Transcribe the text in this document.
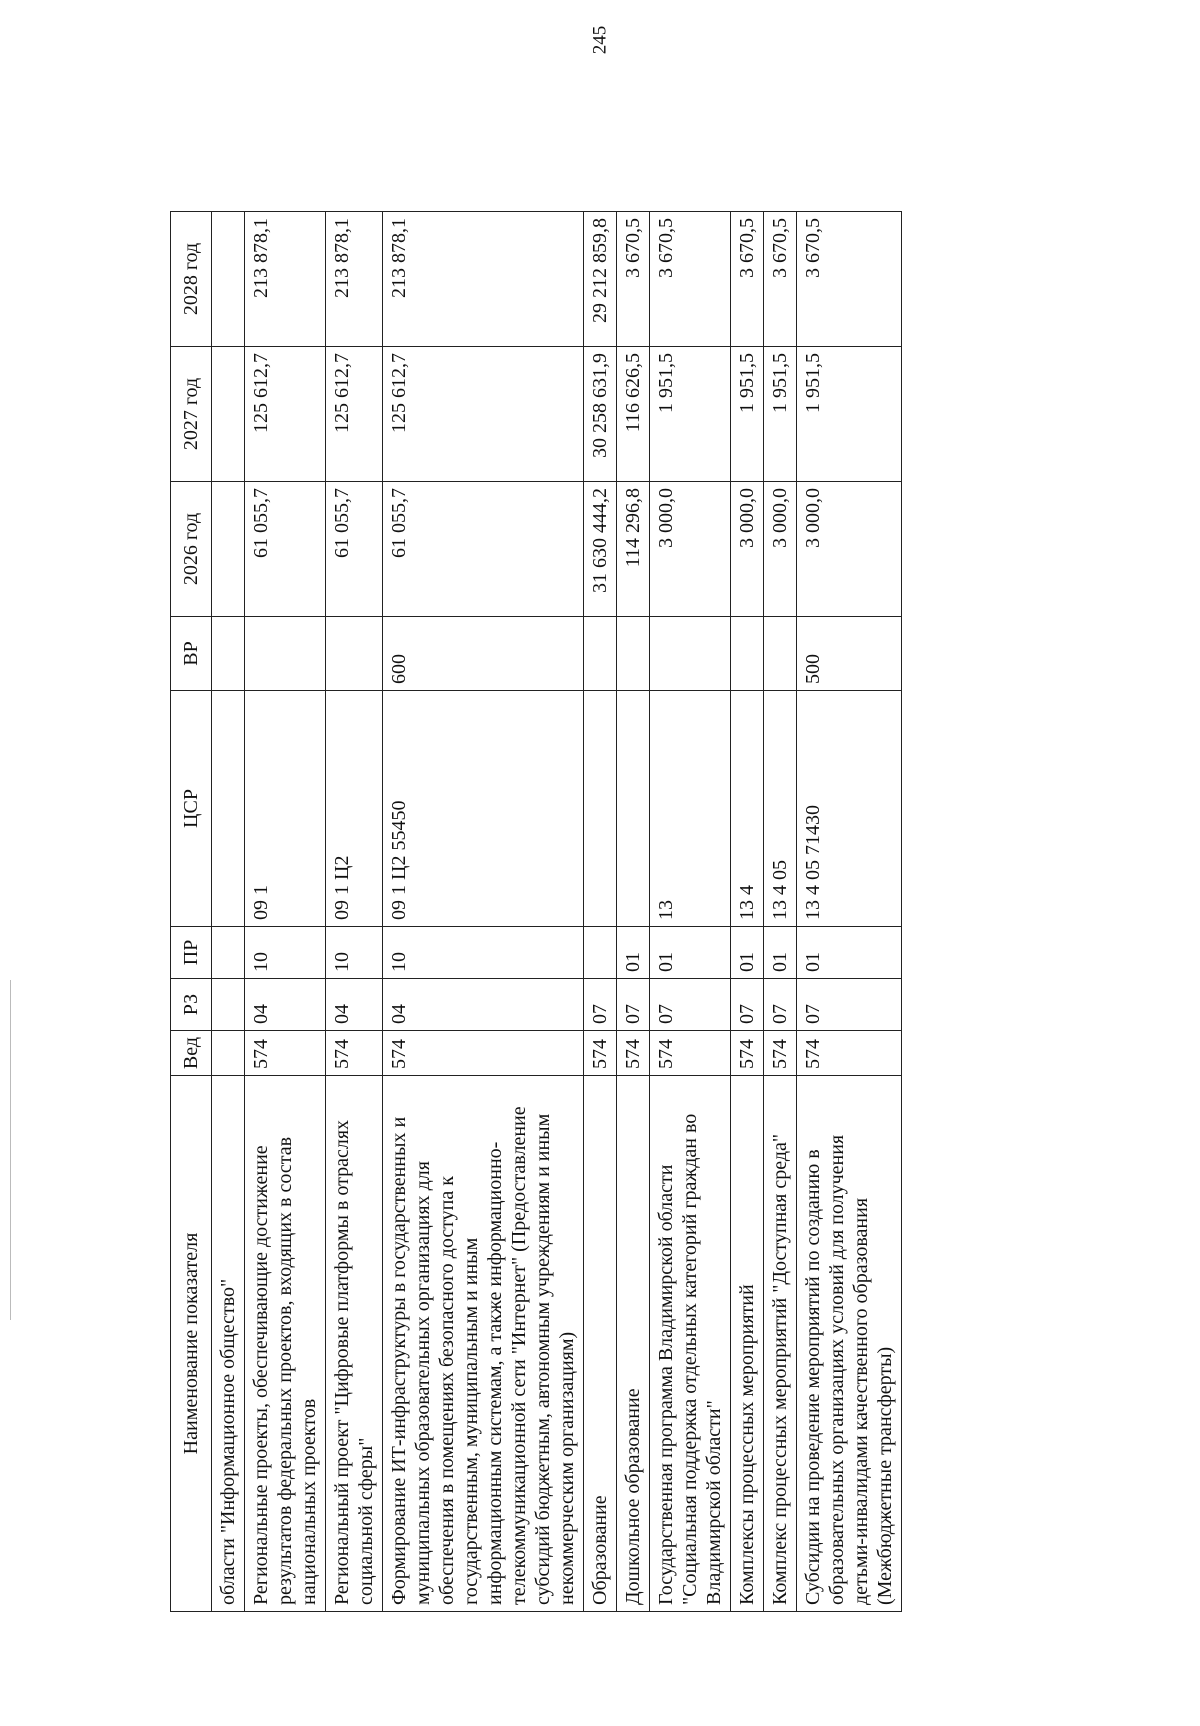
245
Наименование показателя	Вед	РЗ	ПР	ЦСР	ВР	2026 год	2027 год	2028 год
области "Информационное общество"								
Региональные проекты, обеспечивающие достижение результатов федеральных проектов, входящих в состав национальных проектов	574	04	10	09 1		61 055,7	125 612,7	213 878,1
Региональный проект "Цифровые платформы в отраслях социальной сферы"	574	04	10	09 1 Ц2		61 055,7	125 612,7	213 878,1
Формирование ИТ-инфраструктуры в государственных и муниципальных образовательных организациях для обеспечения в помещениях безопасного доступа к государственным, муниципальным и иным информационным системам, а также информационно-телекоммуникационной сети "Интернет" (Предоставление субсидий бюджетным, автономным учреждениям и иным некоммерческим организациям)	574	04	10	09 1 Ц2 55450	600	61 055,7	125 612,7	213 878,1
Образование	574	07				31 630 444,2	30 258 631,9	29 212 859,8
Дошкольное образование	574	07	01			114 296,8	116 626,5	3 670,5
Государственная программа Владимирской области "Социальная поддержка отдельных категорий граждан во Владимирской области"	574	07	01	13		3 000,0	1 951,5	3 670,5
Комплексы процессных мероприятий	574	07	01	13 4		3 000,0	1 951,5	3 670,5
Комплекс процессных мероприятий "Доступная среда"	574	07	01	13 4 05		3 000,0	1 951,5	3 670,5
Субсидии на проведение мероприятий по созданию в образовательных организациях условий для получения детьми-инвалидами качественного образования (Межбюджетные трансферты)	574	07	01	13 4 05 71430	500	3 000,0	1 951,5	3 670,5
